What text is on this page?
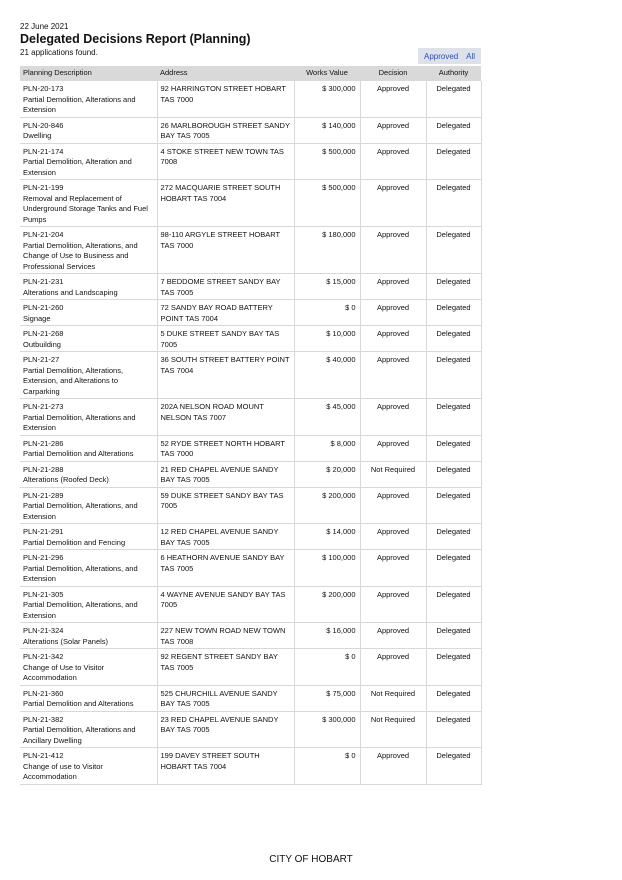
22 June 2021
Delegated Decisions Report (Planning)
21 applications found.	Approved All
Planning Description	Address	Works Value	Decision	Authority

PLN-20-173
Partial Demolition, Alterations and Extension	92 HARRINGTON STREET HOBART TAS 7000	$ 300,000	Approved	Delegated

PLN-20-846
Dwelling	26 MARLBOROUGH STREET SANDY BAY TAS 7005	$ 140,000	Approved	Delegated

PLN-21-174
Partial Demolition, Alteration and Extension	4 STOKE STREET NEW TOWN TAS 7008	$ 500,000	Approved	Delegated

PLN-21-199
Removal and Replacement of Underground Storage Tanks and Fuel Pumps	272 MACQUARIE STREET SOUTH HOBART TAS 7004	$ 500,000	Approved	Delegated

PLN-21-204
Partial Demolition, Alterations, and Change of Use to Business and Professional Services	98-110 ARGYLE STREET HOBART TAS 7000	$ 180,000	Approved	Delegated

PLN-21-231
Alterations and Landscaping	7 BEDDOME STREET SANDY BAY TAS 7005	$ 15,000	Approved	Delegated

PLN-21-260
Signage	72 SANDY BAY ROAD BATTERY POINT TAS 7004	$ 0	Approved	Delegated

PLN-21-268
Outbuilding	5 DUKE STREET SANDY BAY TAS 7005	$ 10,000	Approved	Delegated

PLN-21-27
Partial Demolition, Alterations, Extension, and Alterations to Carparking	36 SOUTH STREET BATTERY POINT TAS 7004	$ 40,000	Approved	Delegated

PLN-21-273
Partial Demolition, Alterations and Extension	202A NELSON ROAD MOUNT NELSON TAS 7007	$ 45,000	Approved	Delegated

PLN-21-286
Partial Demolition and Alterations	52 RYDE STREET NORTH HOBART TAS 7000	$ 8,000	Approved	Delegated

PLN-21-288
Alterations (Roofed Deck)	21 RED CHAPEL AVENUE SANDY BAY TAS 7005	$ 20,000	Not Required	Delegated

PLN-21-289
Partial Demolition, Alterations, and Extension	59 DUKE STREET SANDY BAY TAS 7005	$ 200,000	Approved	Delegated

PLN-21-291
Partial Demolition and Fencing	12 RED CHAPEL AVENUE SANDY BAY TAS 7005	$ 14,000	Approved	Delegated

PLN-21-296
Partial Demolition, Alterations, and Extension	6 HEATHORN AVENUE SANDY BAY TAS 7005	$ 100,000	Approved	Delegated

PLN-21-305
Partial Demolition, Alterations, and Extension	4 WAYNE AVENUE SANDY BAY TAS 7005	$ 200,000	Approved	Delegated

PLN-21-324
Alterations (Solar Panels)	227 NEW TOWN ROAD NEW TOWN TAS 7008	$ 16,000	Approved	Delegated

PLN-21-342
Change of Use to Visitor Accommodation	92 REGENT STREET SANDY BAY TAS 7005	$ 0	Approved	Delegated

PLN-21-360
Partial Demolition and Alterations	525 CHURCHILL AVENUE SANDY BAY TAS 7005	$ 75,000	Not Required	Delegated

PLN-21-382
Partial Demolition, Alterations and Ancillary Dwelling	23 RED CHAPEL AVENUE SANDY BAY TAS 7005	$ 300,000	Not Required	Delegated

PLN-21-412
Change of use to Visitor Accommodation	199 DAVEY STREET SOUTH HOBART TAS 7004	$ 0	Approved	Delegated
CITY OF HOBART
